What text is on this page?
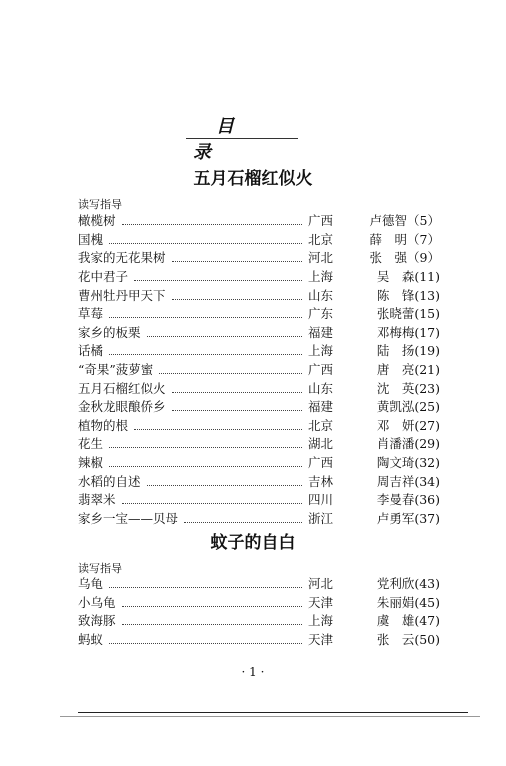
目 录
五月石榴红似火
读写指导
橄榄树	广西	卢德智（5）
国槐	北京	薛　明（7）
我家的无花果树	河北	张　强（9）
花中君子	上海	吴　森(11)
曹州牡丹甲天下	山东	陈　锋(13)
草莓	广东	张晓蕾(15)
家乡的板栗	福建	邓梅梅(17)
话橘	上海	陆　扬(19)
“奇果”菠萝蜜	广西	唐　亮(21)
五月石榴红似火	山东	沈　英(23)
金秋龙眼酿侨乡	福建	黄凯泓(25)
植物的根	北京	邓　妍(27)
花生	湖北	肖潘潘(29)
辣椒	广西	陶文琦(32)
水稻的自述	吉林	周吉祥(34)
翡翠米	四川	李曼春(36)
家乡一宝——贝母	浙江	卢勇军(37)
蚊子的自白
读写指导
乌龟	河北	党利欣(43)
小乌龟	天津	朱丽娟(45)
致海豚	上海	虞　雄(47)
蚂蚁	天津	张　云(50)
· 1 ·
